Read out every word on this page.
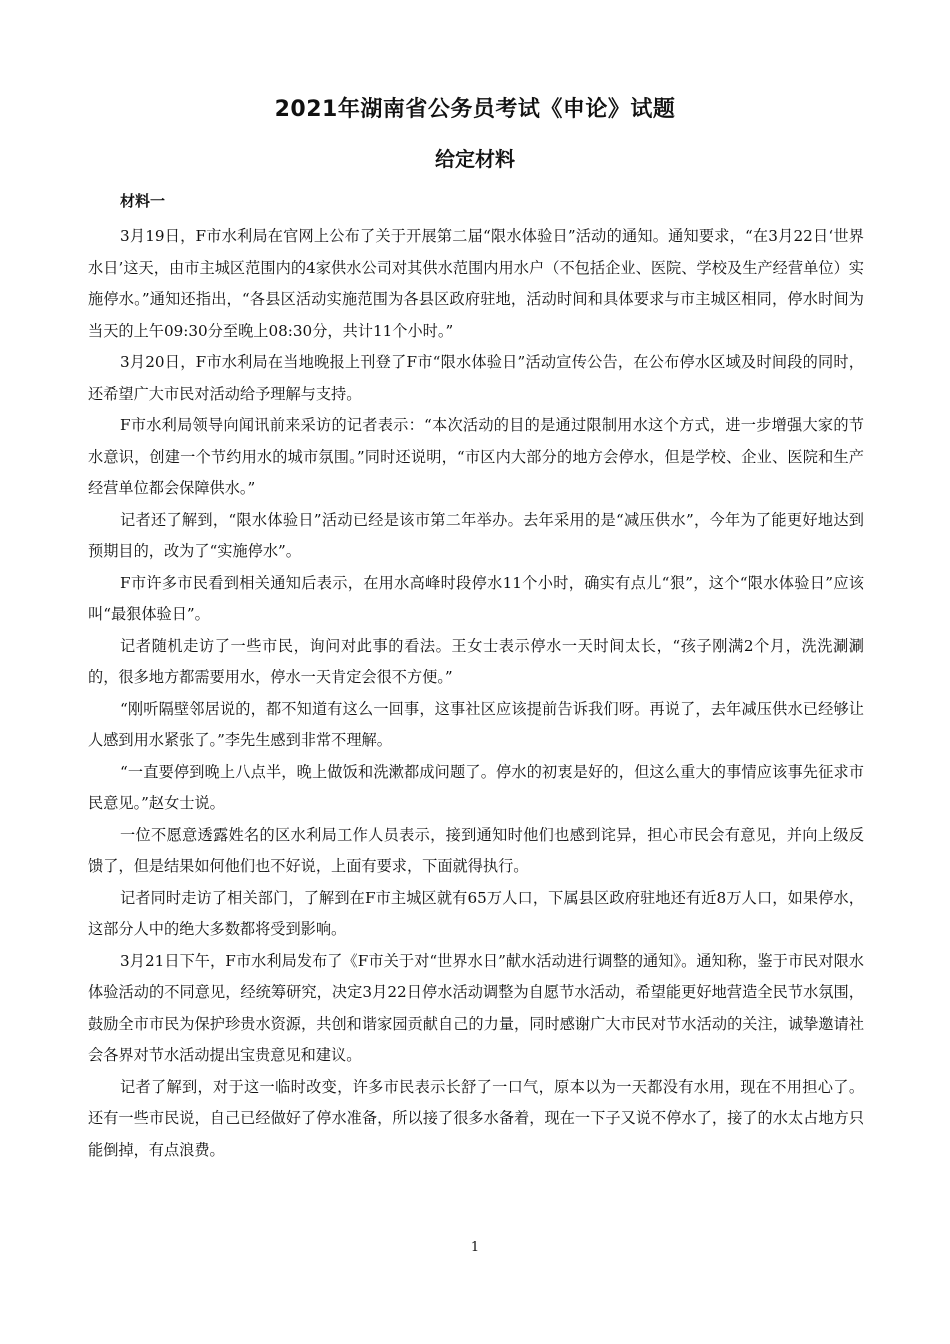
2021年湖南省公务员考试《申论》试题
给定材料
材料一

3月19日，F市水利局在官网上公布了关于开展第二届“限水体验日”活动的通知。通知要求，“在3月22日‘世界水日’这天，由市主城区范围内的4家供水公司对其供水范围内用水户（不包括企业、医院、学校及生产经营单位）实施停水。”通知还指出，“各县区活动实施范围为各县区政府驻地，活动时间和具体要求与市主城区相同，停水时间为当天的上午09:30分至晚上08:30分，共计11个小时。”

3月20日，F市水利局在当地晚报上刊登了F市“限水体验日”活动宣传公告，在公布停水区域及时间段的同时，还希望广大市民对活动给予理解与支持。

F市水利局领导向闻讯前来采访的记者表示：“本次活动的目的是通过限制用水这个方式，进一步增强大家的节水意识，创建一个节约用水的城市氛围。”同时还说明，“市区内大部分的地方会停水，但是学校、企业、医院和生产经营单位都会保障供水。”

记者还了解到，“限水体验日”活动已经是该市第二年举办。去年采用的是“减压供水”，今年为了能更好地达到预期目的，改为了“实施停水”。

F市许多市民看到相关通知后表示，在用水高峰时段停水11个小时，确实有点儿“狠”，这个“限水体验日”应该叫“最狠体验日”。

记者随机走访了一些市民，询问对此事的看法。王女士表示停水一天时间太长，“孩子刚满2个月，洗洗涮涮的，很多地方都需要用水，停水一天肯定会很不方便。”

“刚听隔壁邻居说的，都不知道有这么一回事，这事社区应该提前告诉我们呀。再说了，去年减压供水已经够让人感到用水紧张了。”李先生感到非常不理解。

“一直要停到晚上八点半，晚上做饭和洗漱都成问题了。停水的初衷是好的，但这么重大的事情应该事先征求市民意见。”赵女士说。

一位不愿意透露姓名的区水利局工作人员表示，接到通知时他们也感到诧异，担心市民会有意见，并向上级反馈了，但是结果如何他们也不好说，上面有要求，下面就得执行。

记者同时走访了相关部门，了解到在F市主城区就有65万人口，下属县区政府驻地还有近8万人口，如果停水，这部分人中的绝大多数都将受到影响。

3月21日下午，F市水利局发布了《F市关于对“世界水日”献水活动进行调整的通知》。通知称，鉴于市民对限水体验活动的不同意见，经统筹研究，决定3月22日停水活动调整为自愿节水活动，希望能更好地营造全民节水氛围，鼓励全市市民为保护珍贵水资源，共创和谐家园贡献自己的力量，同时感谢广大市民对节水活动的关注，诚挚邀请社会各界对节水活动提出宝贵意见和建议。

记者了解到，对于这一临时改变，许多市民表示长舒了一口气，原本以为一天都没有水用，现在不用担心了。还有一些市民说，自己已经做好了停水准备，所以接了很多水备着，现在一下子又说不停水了，接了的水太占地方只能倒掉，有点浪费。

1
